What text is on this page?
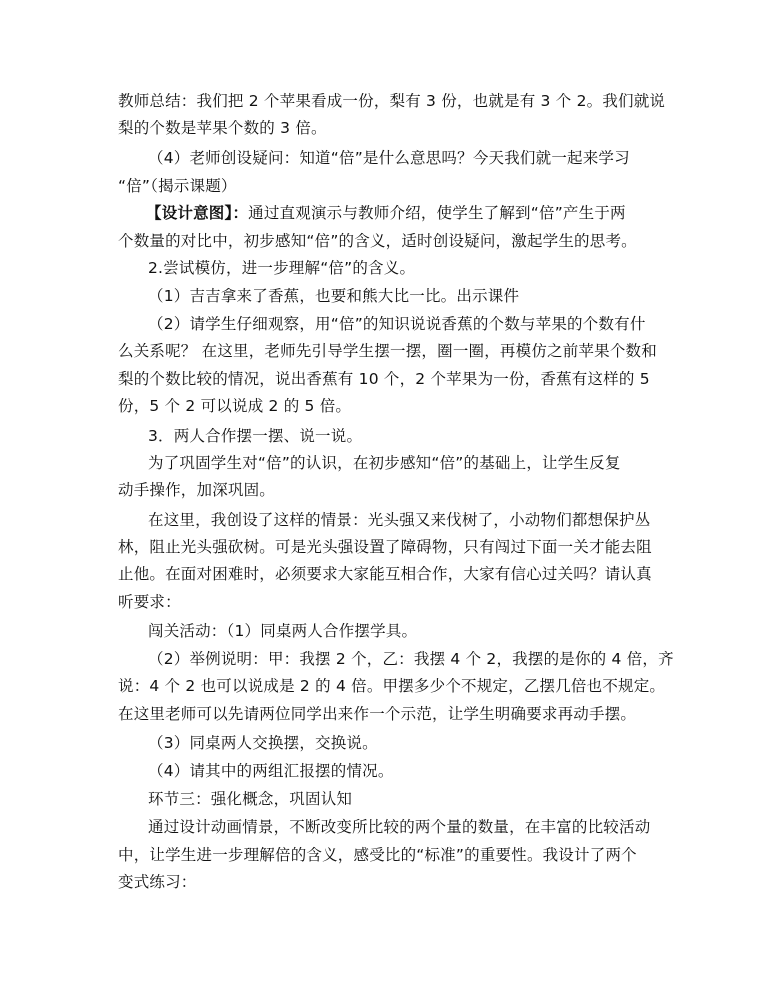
教师总结：我们把 2 个苹果看成一份，梨有 3 份，也就是有 3 个 2。我们就说
梨的个数是苹果个数的 3 倍。
（4）老师创设疑问：知道“倍”是什么意思吗？今天我们就一起来学习
“倍”（揭示课题）
【设计意图】：通过直观演示与教师介绍，使学生了解到“倍”产生于两
个数量的对比中，初步感知“倍”的含义，适时创设疑问，激起学生的思考。
2.尝试模仿，进一步理解“倍”的含义。
（1）吉吉拿来了香蕉，也要和熊大比一比。出示课件
（2）请学生仔细观察，用“倍”的知识说说香蕉的个数与苹果的个数有什
么关系呢？ 在这里，老师先引导学生摆一摆，圈一圈，再模仿之前苹果个数和
梨的个数比较的情况，说出香蕉有 10 个，2 个苹果为一份，香蕉有这样的 5
份，5 个 2 可以说成 2 的 5 倍。
3．两人合作摆一摆、说一说。
为了巩固学生对“倍”的认识，在初步感知“倍”的基础上，让学生反复
动手操作，加深巩固。
在这里，我创设了这样的情景：光头强又来伐树了，小动物们都想保护丛
林，阻止光头强砍树。可是光头强设置了障碍物，只有闯过下面一关才能去阻
止他。在面对困难时，必须要求大家能互相合作，大家有信心过关吗？请认真
听要求：
闯关活动：（1）同桌两人合作摆学具。
（2）举例说明：甲：我摆 2 个，乙：我摆 4 个 2，我摆的是你的 4 倍，齐
说：4 个 2 也可以说成是 2 的 4 倍。甲摆多少个不规定，乙摆几倍也不规定。
在这里老师可以先请两位同学出来作一个示范，让学生明确要求再动手摆。
（3）同桌两人交换摆，交换说。
（4）请其中的两组汇报摆的情况。
环节三：强化概念，巩固认知
通过设计动画情景，不断改变所比较的两个量的数量，在丰富的比较活动
中，让学生进一步理解倍的含义，感受比的“标准”的重要性。我设计了两个
变式练习：
